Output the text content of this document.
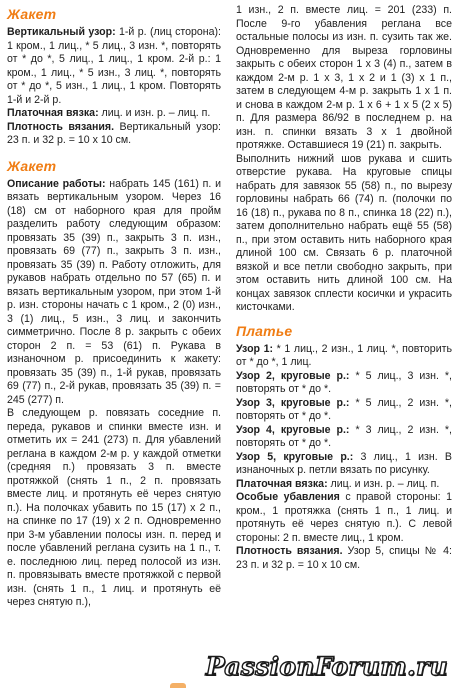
Жакет

Вертикальный узор: 1-й р. (лиц сторона): 1 кром., 1 лиц., * 5 лиц., 3 изн. *, повторять от * до *, 5 лиц., 1 лиц., 1 кром. 2-й р.: 1 кром., 1 лиц., * 5 изн., 3 лиц. *, повторять от * до *, 5 изн., 1 лиц., 1 кром. Повторять 1-й и 2-й р.

Платочная вязка: лиц. и изн. р. – лиц. п.

Плотность вязания. Вертикальный узор: 23 п. и 32 р. = 10 х 10 см.

Жакет

Описание работы: набрать 145 (161) п. и вязать вертикальным узором. Через 16 (18) см от наборного края для пройм разделить работу следующим образом: провязать 35 (39) п., закрыть 3 п. изн., провязать 69 (77) п., закрыть 3 п. изн., провязать 35 (39) п. Работу отложить, для рукавов набрать отдельно по 57 (65) п. и вязать вертикальным узором, при этом 1-й р. изн. стороны начать с 1 кром., 2 (0) изн., 3 (1) лиц., 5 изн., 3 лиц. и закончить симметрично. После 8 р. закрыть с обеих сторон 2 п. = 53 (61) п. Рукава в изнаночном р. присоединить к жакету: провязать 35 (39) п., 1-й рукав, провязать 69 (77) п., 2-й рукав, провязать 35 (39) п. = 245 (277) п.

В следующем р. повязать соседние п. переда, рукавов и спинки вместе изн. и отметить их = 241 (273) п. Для убавлений реглана в каждом 2-м р. у каждой отметки (средняя п.) провязать 3 п. вместе протяжкой (снять 1 п., 2 п. провязать вместе лиц. и протянуть её через снятую п.). На полочках убавить по 15 (17) х 2 п., на спинке по 17 (19) х 2 п. Одновременно при 3-м убавлении полосы изн. п. перед и после убавлений реглана сузить на 1 п., т. е. последнюю лиц. перед полосой из изн. п. провязывать вместе протяжкой с первой изн. (снять 1 п., 1 лиц. и протянуть её через снятую п.),

1 изн., 2 п. вместе лиц. = 201 (233) п. После 9-го убавления реглана все остальные полосы из изн. п. сузить так же. Одновременно для выреза горловины закрыть с обеих сторон 1 х 3 (4) п., затем в каждом 2-м р. 1 х 3, 1 х 2 и 1 (3) х 1 п., затем в следующем 4-м р. закрыть 1 х 1 п. и снова в каждом 2-м р. 1 х 6 + 1 х 5 (2 х 5) п. Для размера 86/92 в последнем р. на изн. п. спинки вязать 3 х 1 двойной протяжке. Оставшиеся 19 (21) п. закрыть.

Выполнить нижний шов рукава и сшить отверстие рукава. На круговые спицы набрать для завязок 55 (58) п., по вырезу горловины набрать 66 (74) п. (полочки по 16 (18) п., рукава по 8 п., спинка 18 (22) п.), затем дополнительно набрать ещё 55 (58) п., при этом оставить нить наборного края длиной 100 см. Связать 6 р. платочной вязкой и все петли свободно закрыть, при этом оставить нить длиной 100 см. На концах завязок сплести косички и украсить кисточками.

Платье

Узор 1: * 1 лиц., 2 изн., 1 лиц. *, повторить от * до *, 1 лиц.

Узор 2, круговые р.: * 5 лиц., 3 изн. *, повторять от * до *.

Узор 3, круговые р.: * 5 лиц., 2 изн. *, повторять от * до *.

Узор 4, круговые р.: * 3 лиц., 2 изн. *, повторять от * до *.

Узор 5, круговые р.: 3 лиц., 1 изн. В изнаночных р. петли вязать по рисунку.

Платочная вязка: лиц. и изн. р. – лиц. п.

Особые убавления с правой стороны: 1 кром., 1 протяжка (снять 1 п., 1 лиц. и протянуть её через снятую п.). С левой стороны: 2 п. вместе лиц., 1 кром.

Плотность вязания. Узор 5, спицы № 4: 23 п. и 32 р. = 10 х 10 см.

PassionForum.ru
